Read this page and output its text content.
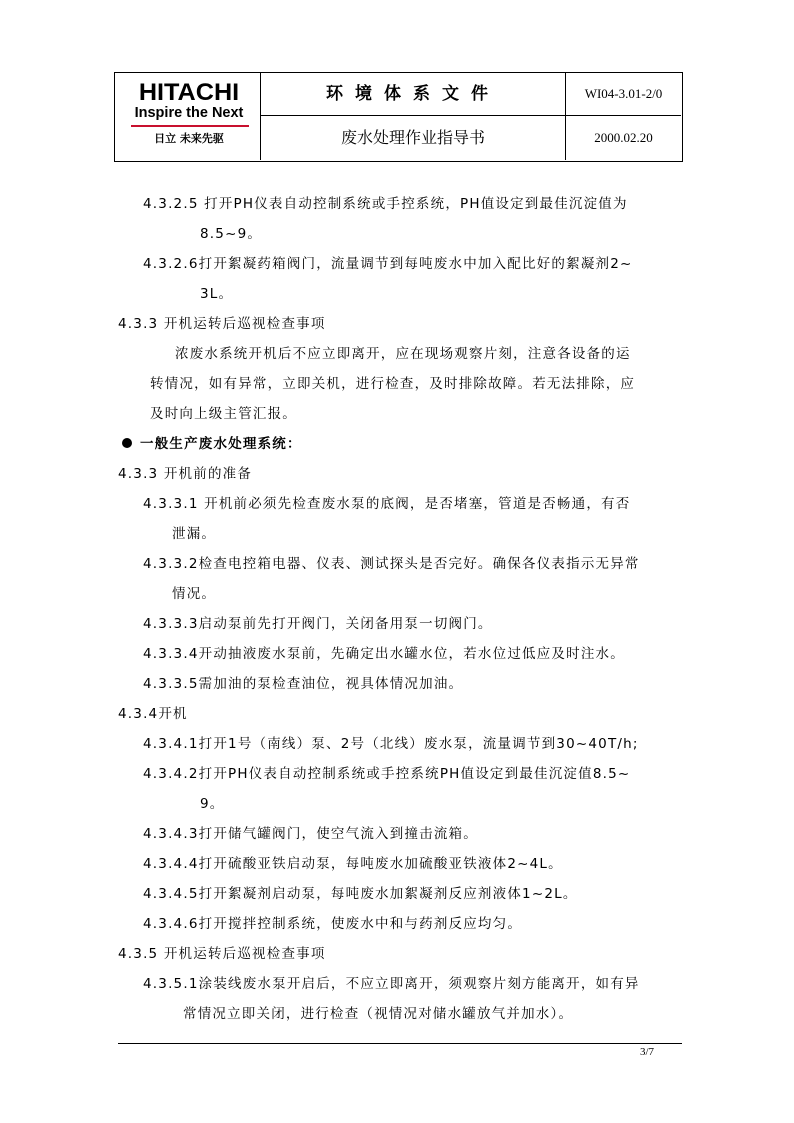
HITACHI
Inspire the Next
日立 未来先驱
环境体系文件
废水处理作业指导书
WI04-3.01-2/0
2000.02.20
4.3.2.5 打开PH仪表自动控制系统或手控系统，PH值设定到最佳沉淀值为
8.5~9。
4.3.2.6打开絮凝药箱阀门，流量调节到每吨废水中加入配比好的絮凝剂2~
3L。
4.3.3 开机运转后巡视检查事项
浓废水系统开机后不应立即离开，应在现场观察片刻，注意各设备的运
转情况，如有异常，立即关机，进行检查，及时排除故障。若无法排除，应
及时向上级主管汇报。
一般生产废水处理系统：
4.3.3 开机前的准备
4.3.3.1 开机前必须先检查废水泵的底阀，是否堵塞，管道是否畅通，有否
泄漏。
4.3.3.2检查电控箱电器、仪表、测试探头是否完好。确保各仪表指示无异常
情况。
4.3.3.3启动泵前先打开阀门，关闭备用泵一切阀门。
4.3.3.4开动抽液废水泵前，先确定出水罐水位，若水位过低应及时注水。
4.3.3.5需加油的泵检查油位，视具体情况加油。
4.3.4开机
4.3.4.1打开1号（南线）泵、2号（北线）废水泵，流量调节到30~40T/h;
4.3.4.2打开PH仪表自动控制系统或手控系统PH值设定到最佳沉淀值8.5~
9。
4.3.4.3打开储气罐阀门，使空气流入到撞击流箱。
4.3.4.4打开硫酸亚铁启动泵，每吨废水加硫酸亚铁液体2~4L。
4.3.4.5打开絮凝剂启动泵，每吨废水加絮凝剂反应剂液体1~2L。
4.3.4.6打开搅拌控制系统，使废水中和与药剂反应均匀。
4.3.5 开机运转后巡视检查事项
4.3.5.1涂装线废水泵开启后，不应立即离开，须观察片刻方能离开，如有异
常情况立即关闭，进行检查（视情况对储水罐放气并加水）。
3/7
